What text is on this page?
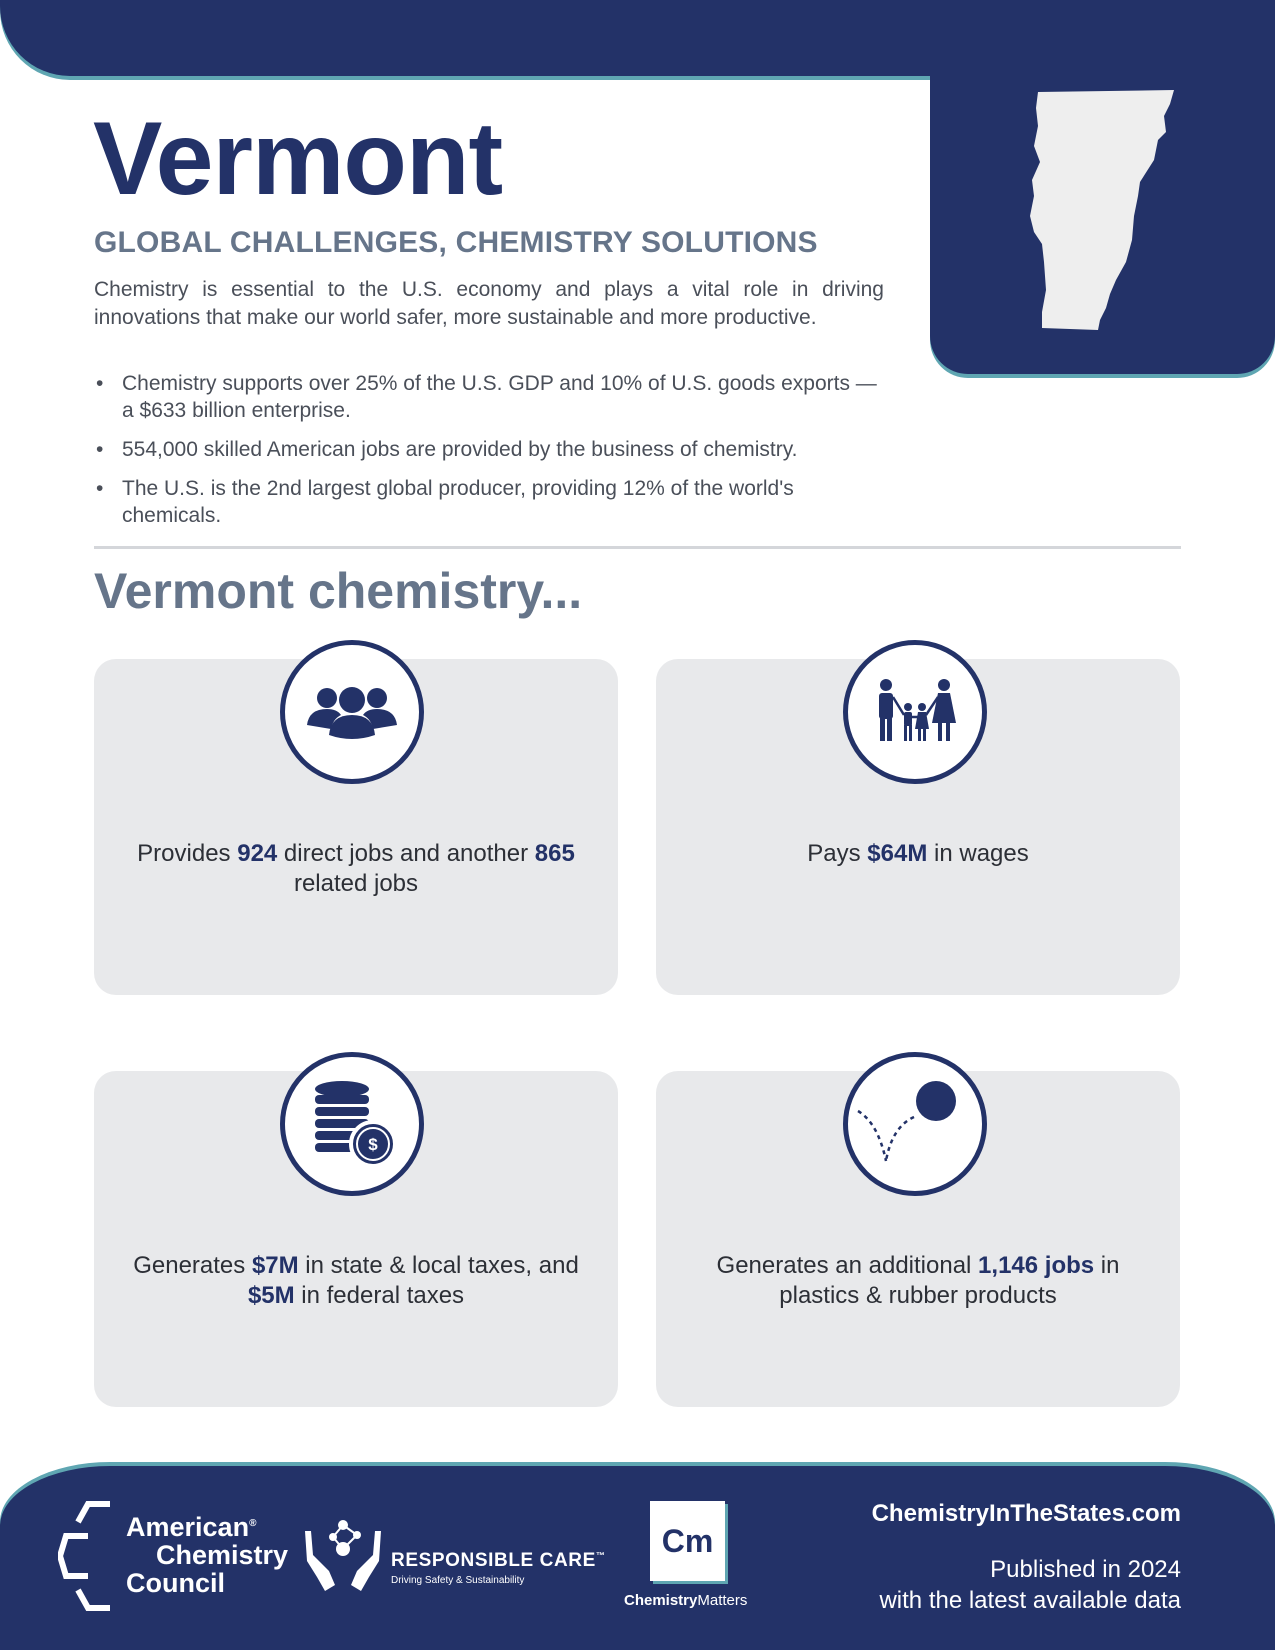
Vermont
GLOBAL CHALLENGES, CHEMISTRY SOLUTIONS

Chemistry is essential to the U.S. economy and plays a vital role in driving innovations that make our world safer, more sustainable and more productive.

• Chemistry supports over 25% of the U.S. GDP and 10% of U.S. goods exports — a $633 billion enterprise.
• 554,000 skilled American jobs are provided by the business of chemistry.
• The U.S. is the 2nd largest global producer, providing 12% of the world's chemicals.
Vermont chemistry...
Provides 924 direct jobs and another 865 related jobs
Pays $64M in wages
$
Generates $7M in state & local taxes, and $5M in federal taxes
Generates an additional 1,146 jobs in plastics & rubber products
American®
Chemistry
Council
RESPONSIBLE CARE™
Driving Safety & Sustainability
Cm
ChemistryMatters
ChemistryInTheStates.com
Published in 2024
with the latest available data
